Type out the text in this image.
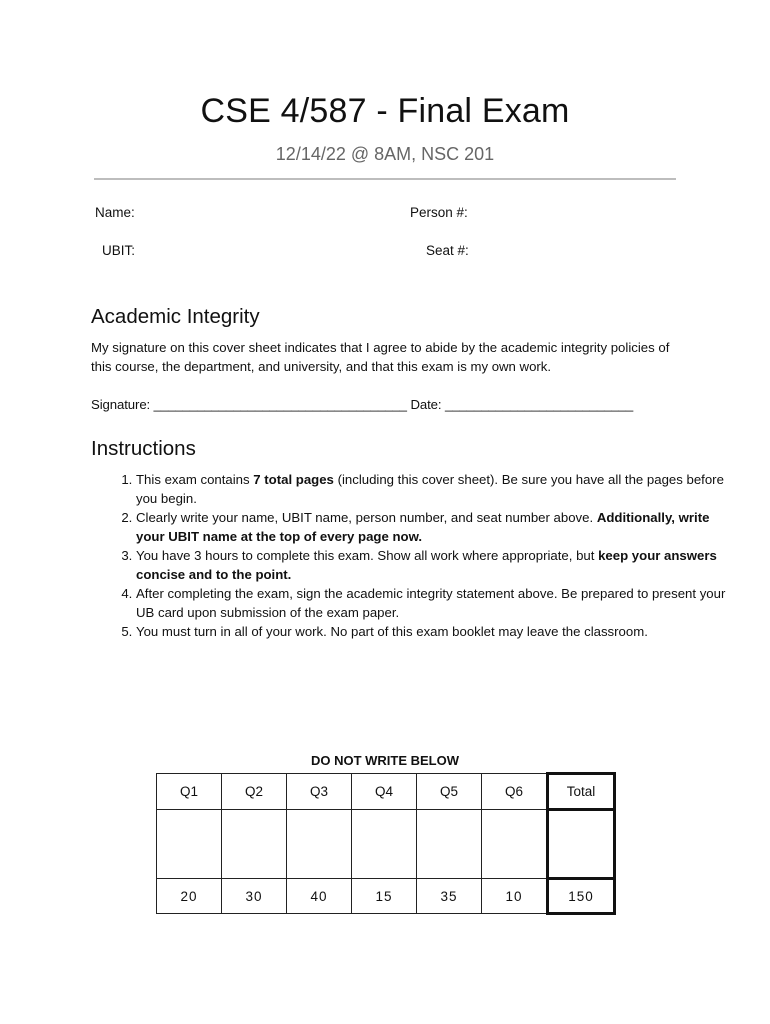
CSE 4/587 - Final Exam
12/14/22 @ 8AM, NSC 201
Name:	Person #:
UBIT:	Seat #:
Academic Integrity
My signature on this cover sheet indicates that I agree to abide by the academic integrity policies of this course, the department, and university, and that this exam is my own work.
Signature: ___________________________________ Date: __________________________
Instructions
1. This exam contains 7 total pages (including this cover sheet). Be sure you have all the pages before you begin.
2. Clearly write your name, UBIT name, person number, and seat number above. Additionally, write your UBIT name at the top of every page now.
3. You have 3 hours to complete this exam. Show all work where appropriate, but keep your answers concise and to the point.
4. After completing the exam, sign the academic integrity statement above. Be prepared to present your UB card upon submission of the exam paper.
5. You must turn in all of your work. No part of this exam booklet may leave the classroom.
DO NOT WRITE BELOW
Q1	Q2	Q3	Q4	Q5	Q6	Total

20	30	40	15	35	10	150
